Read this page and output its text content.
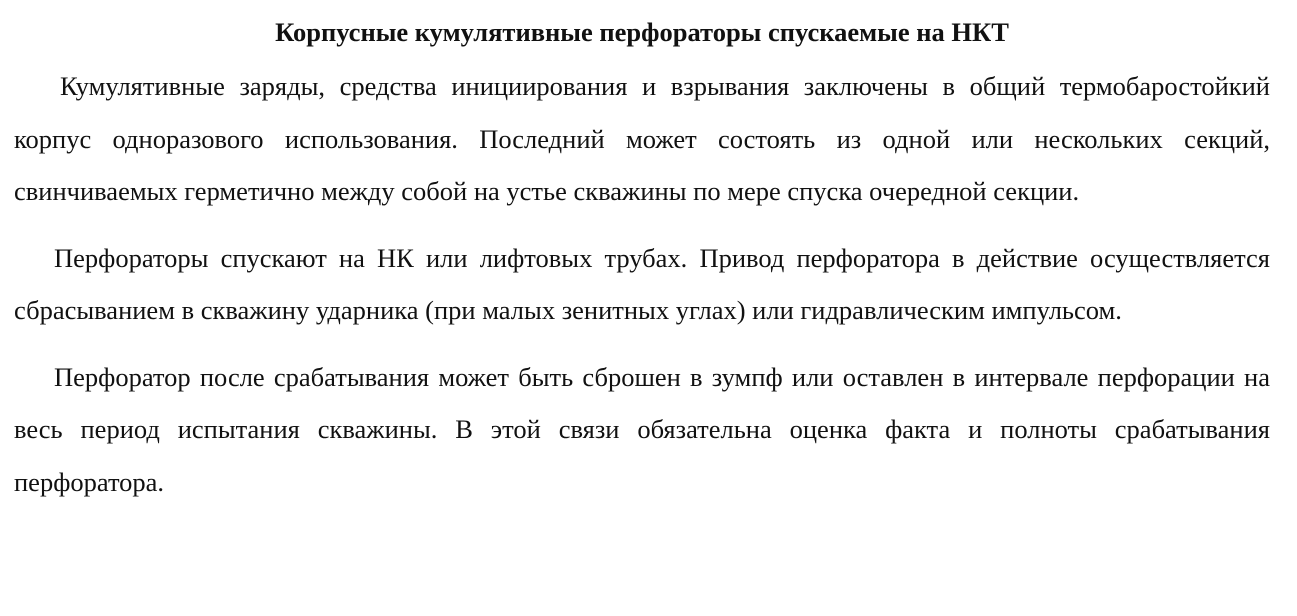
Корпусные кумулятивные перфораторы спускаемые на НКТ

Кумулятивные заряды, средства инициирования и взрывания заключены в общий термобаростойкий корпус одноразового использования. Последний может состоять из одной или нескольких секций, свинчиваемых герметично между собой на устье скважины по мере спуска очередной секции.

Перфораторы спускают на НК или лифтовых трубах. Привод перфоратора в действие осуществляется сбрасыванием в скважину ударника (при малых зенитных углах) или гидравлическим импульсом.

Перфоратор после срабатывания может быть сброшен в зумпф или оставлен в интервале перфорации на весь период испытания скважины. В этой связи обязательна оценка факта и полноты срабатывания перфоратора.
